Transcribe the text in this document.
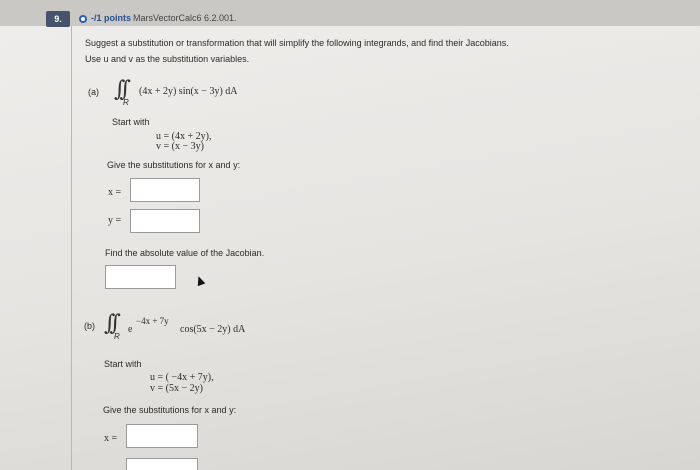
9.	-/1 points MarsVectorCalc6 6.2.001.
Suggest a substitution or transformation that will simplify the following integrands, and find their Jacobians.
Use u and v as the substitution variables.
(a) ∫∫
R
(4x + 2y) sin(x − 3y) dA
Start with
u = (4x + 2y),
v = (x − 3y)
Give the substitutions for x and y:
x =
y =
Find the absolute value of the Jacobian.
(b) ∫∫
R
e
−4x + 7y
cos(5x − 2y) dA
Start with
u = ( −4x + 7y),
v = (5x − 2y)
Give the substitutions for x and y:
x =
